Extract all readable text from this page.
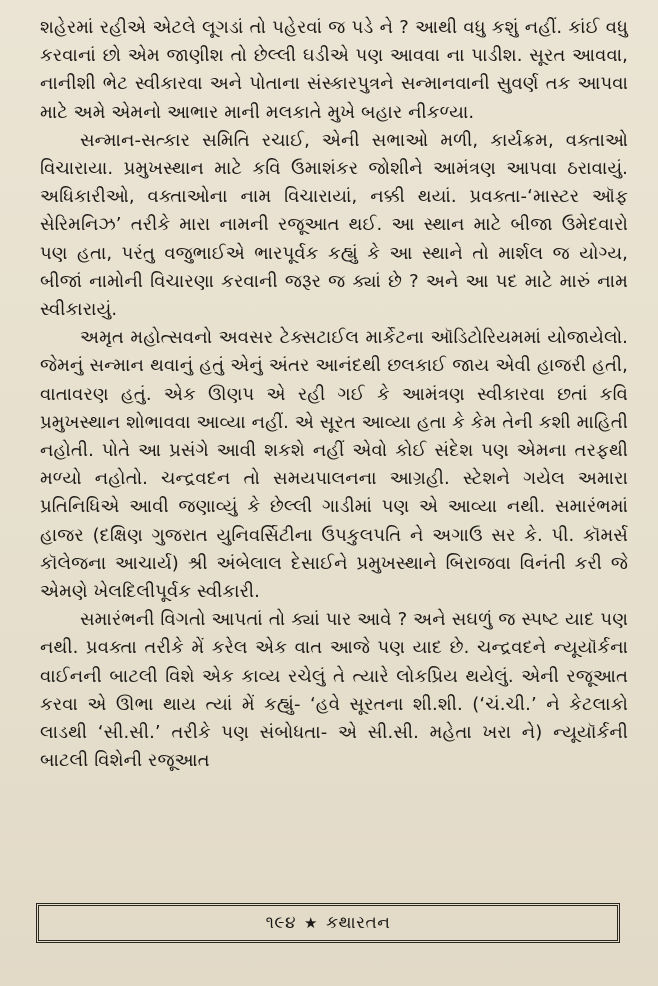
શહેરમાં રહીએ એટલે લૂગડાં તો પહેરવાં જ પડે ને ? આથી વધુ કશું નહીં. કાંઈ વધુ કરવાનાં છો એમ જાણીશ તો છેલ્લી ઘડીએ પણ આવવા ના પાડીશ. સૂરત આવવા, નાનીશી ભેટ સ્વીકારવા અને પોતાના સંસ્કારપુત્રને સન્માનવાની સુવર્ણ તક આપવા માટે અમે એમનો આભાર માની મલકાતે મુખે બહાર નીકળ્યા.

સન્માન-સત્કાર સમિતિ રચાઈ, એની સભાઓ મળી, કાર્યક્રમ, વક્તાઓ વિચારાયા. પ્રમુખસ્થાન માટે કવિ ઉમાશંકર જોશીને આમંત્રણ આપવા ઠરાવાયું. અધિકારીઓ, વક્તાઓના નામ વિચારાયાં, નક્કી થયાં. પ્રવક્તા-‘માસ્ટર ઑફ સેરિમનિઝ’ તરીકે મારા નામની રજૂઆત થઈ. આ સ્થાન માટે બીજા ઉમેદવારો પણ હતા, પરંતુ વજુભાઈએ ભારપૂર્વક કહ્યું કે આ સ્થાને તો માર્શલ જ યોગ્ય, બીજાં નામોની વિચારણા કરવાની જરૂર જ ક્યાં છે ? અને આ પદ માટે મારું નામ સ્વીકારાયું.

અમૃત મહોત્સવનો અવસર ટેક્સટાઈલ માર્કેટના ઑડિટોરિયમમાં યોજાયેલો. જેમનું સન્માન થવાનું હતું એનું અંતર આનંદથી છલકાઈ જાય એવી હાજરી હતી, વાતાવરણ હતું. એક ઊણપ એ રહી ગઈ કે આમંત્રણ સ્વીકારવા છતાં કવિ પ્રમુખસ્થાન શોભાવવા આવ્યા નહીં. એ સૂરત આવ્યા હતા કે કેમ તેની કશી માહિતી નહોતી. પોતે આ પ્રસંગે આવી શકશે નહીં એવો કોઈ સંદેશ પણ એમના તરફથી મળ્યો નહોતો. ચન્દ્રવદન તો સમયપાલનના આગ્રહી. સ્ટેશને ગયેલ અમારા પ્રતિનિધિએ આવી જણાવ્યું કે છેલ્લી ગાડીમાં પણ એ આવ્યા નથી. સમારંભમાં હાજર (દક્ષિણ ગુજરાત યુનિવર્સિટીના ઉપકુલપતિ ને અગાઉ સર કે. પી. કૉમર્સ કૉલેજના આચાર્ય) શ્રી અંબેલાલ દેસાઈને પ્રમુખસ્થાને બિરાજવા વિનંતી કરી જે એમણે ખેલદિલીપૂર્વક સ્વીકારી.

સમારંભની વિગતો આપતાં તો ક્યાં પાર આવે ? અને સઘળું જ સ્પષ્ટ યાદ પણ નથી. પ્રવક્તા તરીકે મેં કરેલ એક વાત આજે પણ યાદ છે. ચન્દ્રવદને ન્યૂયૉર્કના વાઈનની બાટલી વિશે એક કાવ્ય રચેલું તે ત્યારે લોકપ્રિય થયેલું. એની રજૂઆત કરવા એ ઊભા થાય ત્યાં મેં કહ્યું- ‘હવે સૂરતના શી.શી. (‘ચં.ચી.’ ને કેટલાકો લાડથી ‘સી.સી.’ તરીકે પણ સંબોધતા- એ સી.સી. મહેતા ખરા ને) ન્યૂયૉર્કની બાટલી વિશેની રજૂઆત

૧૯૪ ★ કથારતન
